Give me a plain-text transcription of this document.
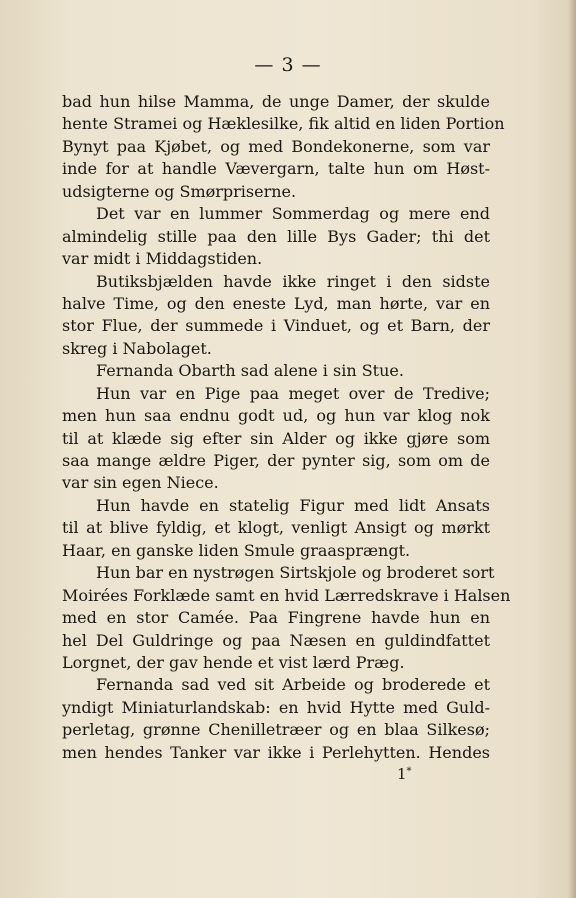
— 3 —
bad hun hilse Mamma, de unge Damer, der skulde
hente Stramei og Hæklesilke, fik altid en liden Portion
Bynyt paa Kjøbet, og med Bondekonerne, som var
inde for at handle Vævergarn, talte hun om Høst-
udsigterne og Smørpriserne.
Det var en lummer Sommerdag og mere end
almindelig stille paa den lille Bys Gader; thi det
var midt i Middagstiden.
Butiksbjælden havde ikke ringet i den sidste
halve Time, og den eneste Lyd, man hørte, var en
stor Flue, der summede i Vinduet, og et Barn, der
skreg i Nabolaget.
Fernanda Obarth sad alene i sin Stue.
Hun var en Pige paa meget over de Tredive;
men hun saa endnu godt ud, og hun var klog nok
til at klæde sig efter sin Alder og ikke gjøre som
saa mange ældre Piger, der pynter sig, som om de
var sin egen Niece.
Hun havde en statelig Figur med lidt Ansats
til at blive fyldig, et klogt, venligt Ansigt og mørkt
Haar, en ganske liden Smule graasprængt.
Hun bar en nystrøgen Sirtskjole og broderet sort
Moirées Forklæde samt en hvid Lærredskrave i Halsen
med en stor Camée. Paa Fingrene havde hun en
hel Del Guldringe og paa Næsen en guldindfattet
Lorgnet, der gav hende et vist lærd Præg.
Fernanda sad ved sit Arbeide og broderede et
yndigt Miniaturlandskab: en hvid Hytte med Guld-
perletag, grønne Chenilletræer og en blaa Silkesø;
men hendes Tanker var ikke i Perlehytten. Hendes
1*
